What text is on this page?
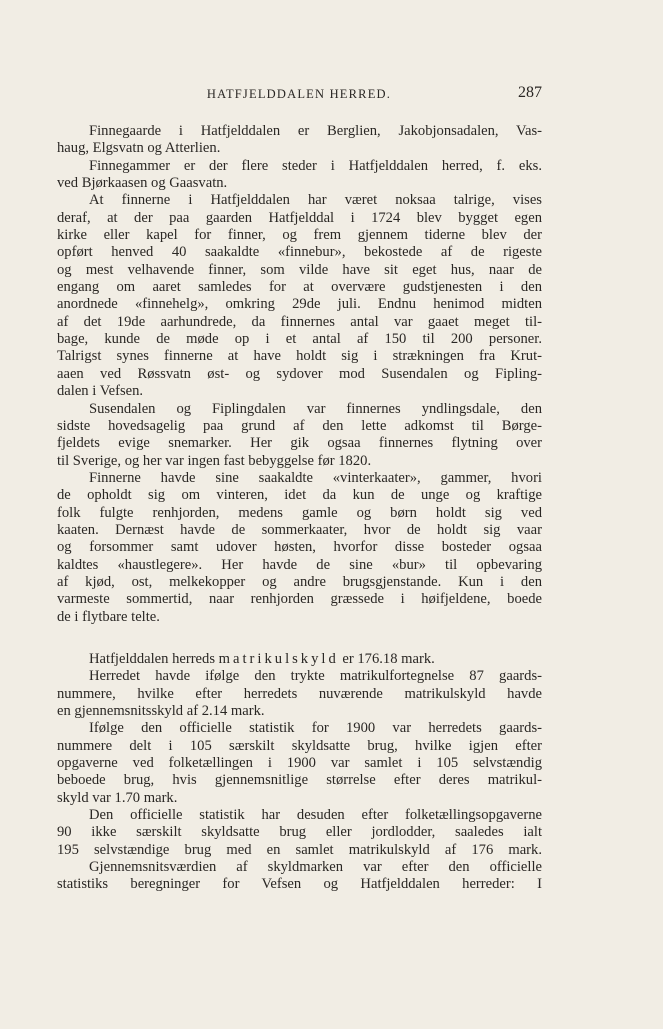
HATFJELDDALEN HERRED.	287
Finnegaarde i Hatfjelddalen er Berglien, Jakobjonsadalen, Vas-
haug, Elgsvatn og Atterlien.
Finnegammer er der flere steder i Hatfjelddalen herred, f. eks.
ved Bjørkaasen og Gaasvatn.
At finnerne i Hatfjelddalen har været noksaa talrige, vises
deraf, at der paa gaarden Hatfjelddal i 1724 blev bygget egen
kirke eller kapel for finner, og frem gjennem tiderne blev der
opført henved 40 saakaldte «finnebur», bekostede af de rigeste
og mest velhavende finner, som vilde have sit eget hus, naar de
engang om aaret samledes for at overvære gudstjenesten i den
anordnede «finnehelg», omkring 29de juli. Endnu henimod midten
af det 19de aarhundrede, da finnernes antal var gaaet meget til-
bage, kunde de møde op i et antal af 150 til 200 personer.
Talrigst synes finnerne at have holdt sig i strækningen fra Krut-
aaen ved Røssvatn øst- og sydover mod Susendalen og Fipling-
dalen i Vefsen.
Susendalen og Fiplingdalen var finnernes yndlingsdale, den
sidste hovedsagelig paa grund af den lette adkomst til Børge-
fjeldets evige snemarker. Her gik ogsaa finnernes flytning over
til Sverige, og her var ingen fast bebyggelse før 1820.
Finnerne havde sine saakaldte «vinterkaater», gammer, hvori
de opholdt sig om vinteren, idet da kun de unge og kraftige
folk fulgte renhjorden, medens gamle og børn holdt sig ved
kaaten. Dernæst havde de sommerkaater, hvor de holdt sig vaar
og forsommer samt udover høsten, hvorfor disse bosteder ogsaa
kaldtes «haustlegere». Her havde de sine «bur» til opbevaring
af kjød, ost, melkekopper og andre brugsgjenstande. Kun i den
varmeste sommertid, naar renhjorden græssede i høifjeldene, boede
de i flytbare telte.
Hatfjelddalen herreds matrikulskyld er 176.18 mark.
Herredet havde ifølge den trykte matrikulfortegnelse 87 gaards-
nummere, hvilke efter herredets nuværende matrikulskyld havde
en gjennemsnitsskyld af 2.14 mark.
Ifølge den officielle statistik for 1900 var herredets gaards-
nummere delt i 105 særskilt skyldsatte brug, hvilke igjen efter
opgaverne ved folketællingen i 1900 var samlet i 105 selvstændig
beboede brug, hvis gjennemsnitlige størrelse efter deres matrikul-
skyld var 1.70 mark.
Den officielle statistik har desuden efter folketællingsopgaverne
90 ikke særskilt skyldsatte brug eller jordlodder, saaledes ialt
195 selvstændige brug med en samlet matrikulskyld af 176 mark.
Gjennemsnitsværdien af skyldmarken var efter den officielle
statistiks beregninger for Vefsen og Hatfjelddalen herreder: I
